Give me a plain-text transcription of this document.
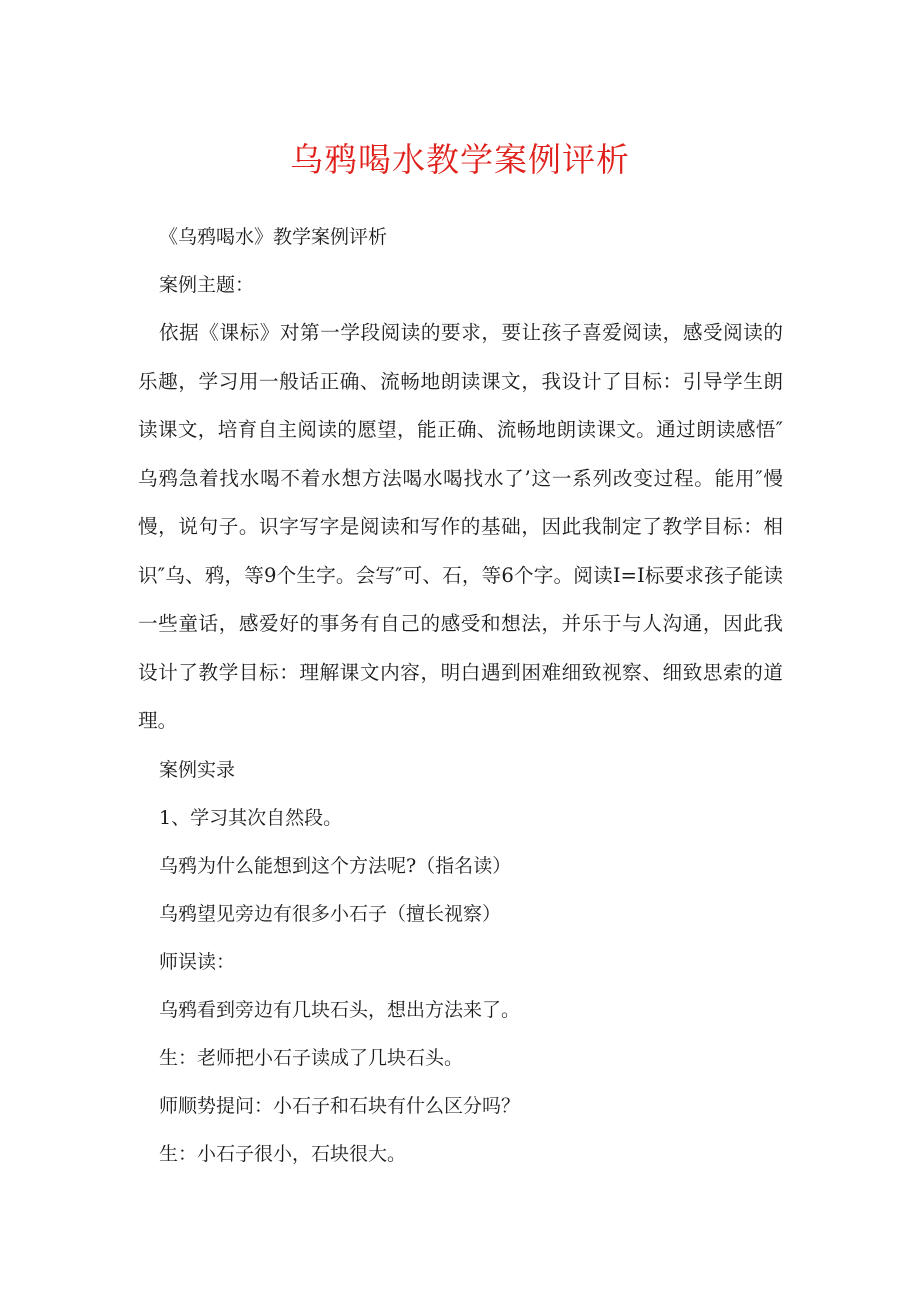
乌鸦喝水教学案例评析

《乌鸦喝水》教学案例评析

案例主题：

依据《课标》对第一学段阅读的要求，要让孩子喜爱阅读，感受阅读的乐趣，学习用一般话正确、流畅地朗读课文，我设计了目标：引导学生朗读课文，培育自主阅读的愿望，能正确、流畅地朗读课文。通过朗读感悟″乌鸦急着找水喝不着水想方法喝水喝找水了’这一系列改变过程。能用″慢慢，说句子。识字写字是阅读和写作的基础，因此我制定了教学目标：相识″乌、鸦，等9个生字。会写″可、石，等6个字。阅读I=I标要求孩子能读一些童话，感爱好的事务有自己的感受和想法，并乐于与人沟通，因此我设计了教学目标：理解课文内容，明白遇到困难细致视察、细致思索的道理。

案例实录

1、学习其次自然段。

乌鸦为什么能想到这个方法呢?（指名读）

乌鸦望见旁边有很多小石子（擅长视察）

师误读：

乌鸦看到旁边有几块石头，想出方法来了。

生：老师把小石子读成了几块石头。

师顺势提问：小石子和石块有什么区分吗？

生：小石子很小，石块很大。
